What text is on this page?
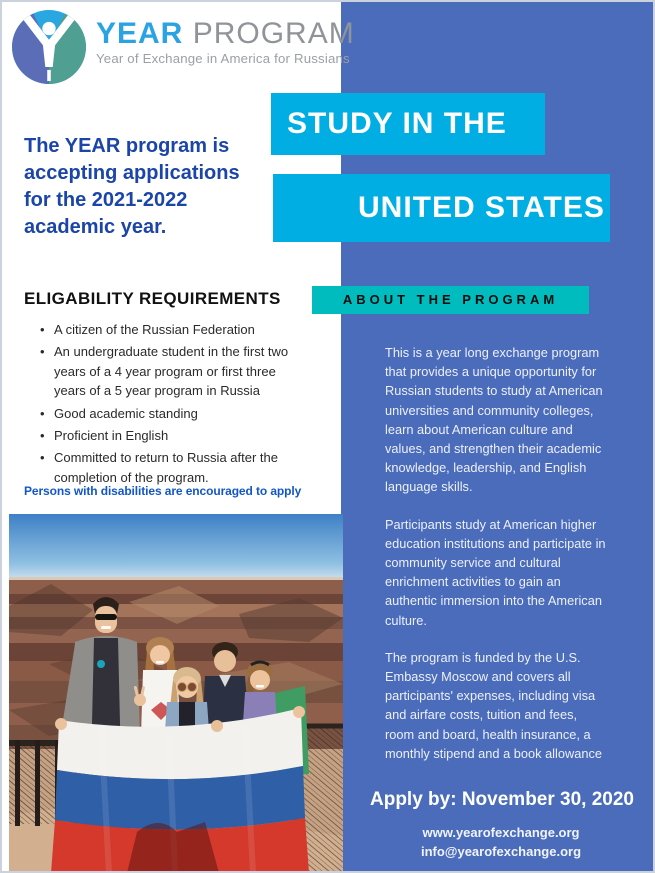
YEAR PROGRAM
Year of Exchange in America for Russians
STUDY IN THE
UNITED STATES
The YEAR program is accepting applications for the 2021-2022 academic year.
ELIGABILITY REQUIREMENTS
• A citizen of the Russian Federation
• An undergraduate student in the first two years of a 4 year program or first three years of a 5 year program in Russia
• Good academic standing
• Proficient in English
• Committed to return to Russia after the completion of the program.
Persons with disabilities are encouraged to apply
ABOUT THE PROGRAM

This is a year long exchange program that provides a unique opportunity for Russian students to study at American universities and community colleges, learn about American culture and values, and strengthen their academic knowledge, leadership, and English language skills.

Participants study at American higher education institutions and participate in community service and cultural enrichment activities to gain an authentic immersion into the American culture.

The program is funded by the U.S. Embassy Moscow and covers all participants' expenses, including visa and airfare costs, tuition and fees, room and board, health insurance, a monthly stipend and a book allowance

Apply by: November 30, 2020
www.yearofexchange.org
info@yearofexchange.org
